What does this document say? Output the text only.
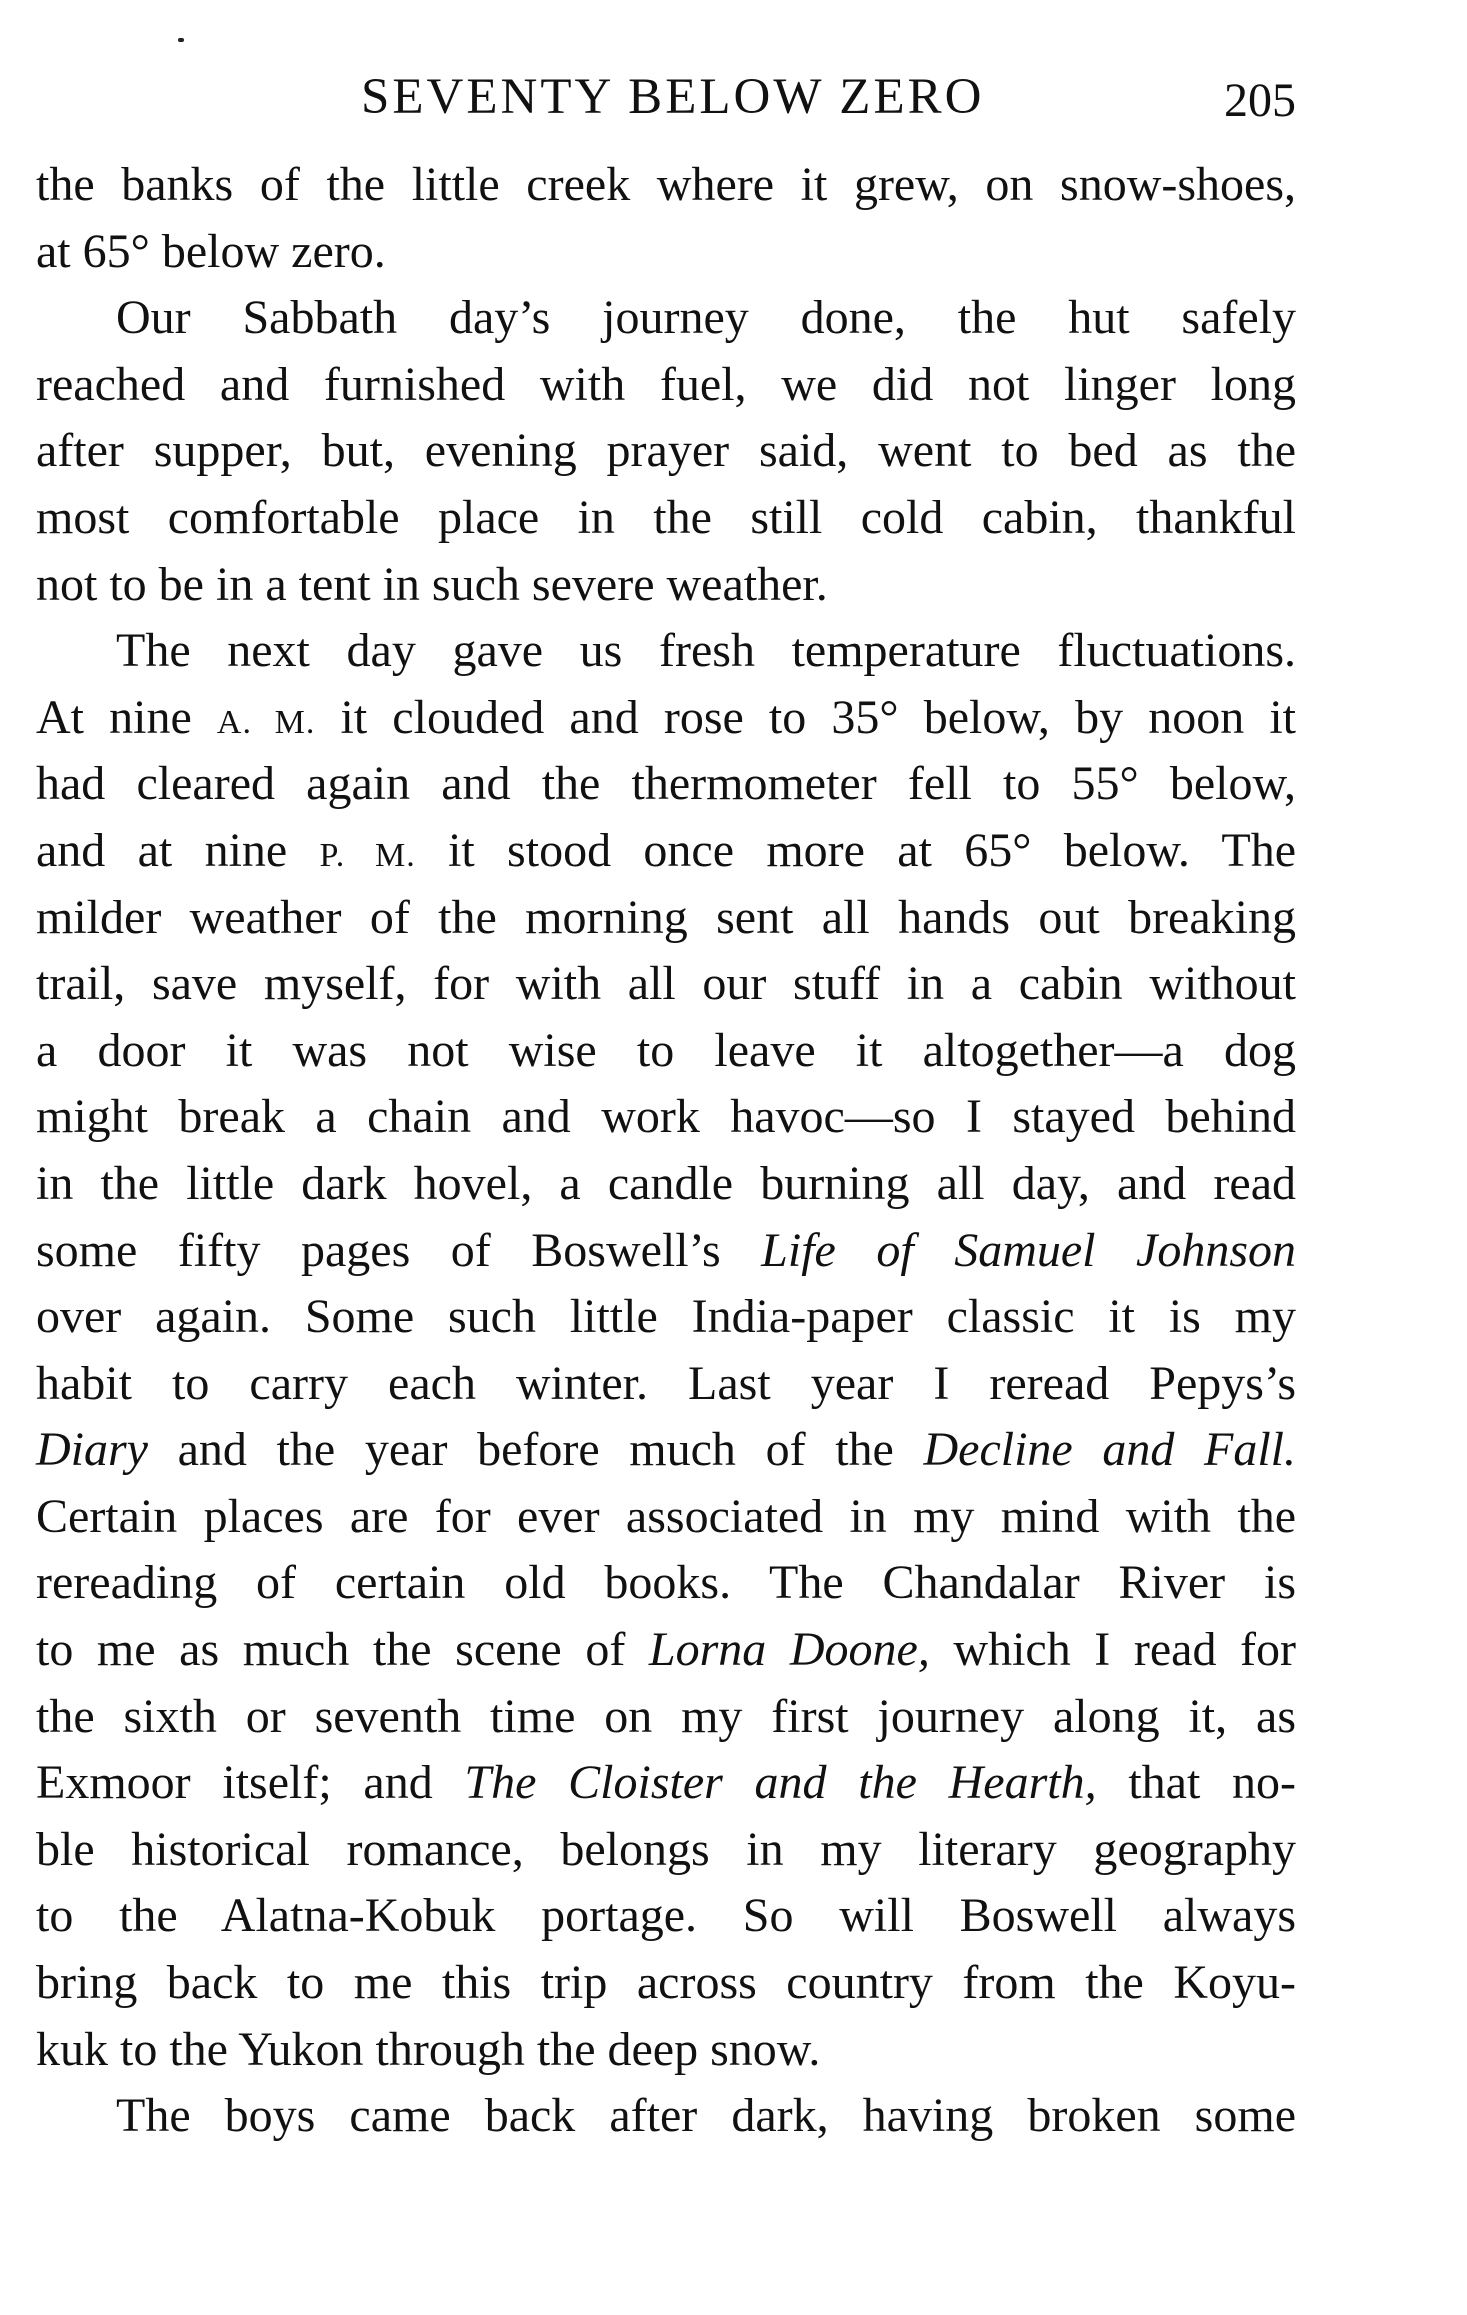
SEVENTY BELOW ZERO	205
the banks of the little creek where it grew, on snow-shoes,
at 65° below zero.
Our Sabbath day’s journey done, the hut safely
reached and furnished with fuel, we did not linger long
after supper, but, evening prayer said, went to bed as the
most comfortable place in the still cold cabin, thankful
not to be in a tent in such severe weather.
The next day gave us fresh temperature fluctuations.
At nine A. M. it clouded and rose to 35° below, by noon it
had cleared again and the thermometer fell to 55° below,
and at nine P. M. it stood once more at 65° below. The
milder weather of the morning sent all hands out breaking
trail, save myself, for with all our stuff in a cabin without
a door it was not wise to leave it altogether—a dog
might break a chain and work havoc—so I stayed behind
in the little dark hovel, a candle burning all day, and read
some fifty pages of Boswell’s Life of Samuel Johnson
over again. Some such little India-paper classic it is my
habit to carry each winter. Last year I reread Pepys’s
Diary and the year before much of the Decline and Fall.
Certain places are for ever associated in my mind with the
rereading of certain old books. The Chandalar River is
to me as much the scene of Lorna Doone, which I read for
the sixth or seventh time on my first journey along it, as
Exmoor itself; and The Cloister and the Hearth, that no-
ble historical romance, belongs in my literary geography
to the Alatna-Kobuk portage. So will Boswell always
bring back to me this trip across country from the Koyu-
kuk to the Yukon through the deep snow.
The boys came back after dark, having broken some
